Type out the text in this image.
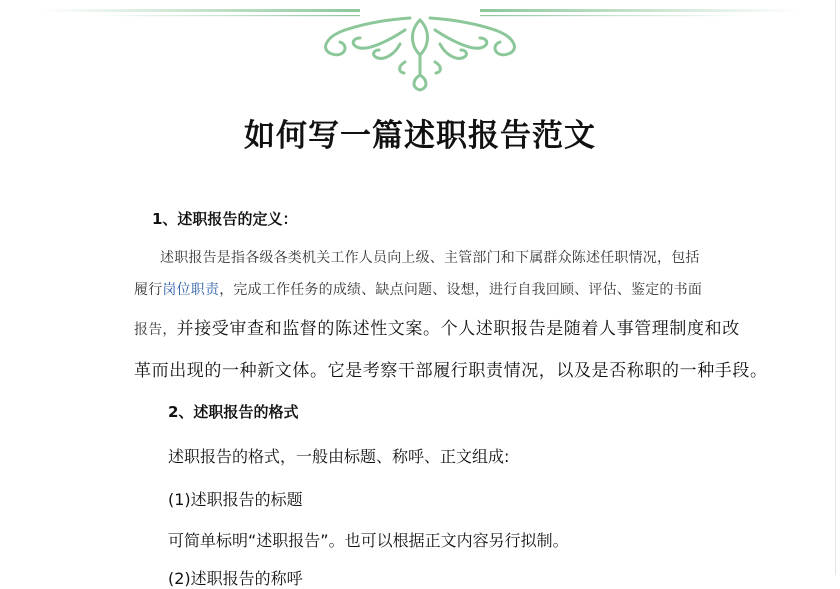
如何写一篇述职报告范文
1、述职报告的定义：
述职报告是指各级各类机关工作人员向上级、主管部门和下属群众陈述任职情况，包括
履行岗位职责，完成工作任务的成绩、缺点问题、设想，进行自我回顾、评估、鉴定的书面
报告，并接受审查和监督的陈述性文案。个人述职报告是随着人事管理制度和改
革而出现的一种新文体。它是考察干部履行职责情况，以及是否称职的一种手段。
2、述职报告的格式
述职报告的格式，一般由标题、称呼、正文组成:
(1)述职报告的标题
可简单标明“述职报告”。也可以根据正文内容另行拟制。
(2)述职报告的称呼
